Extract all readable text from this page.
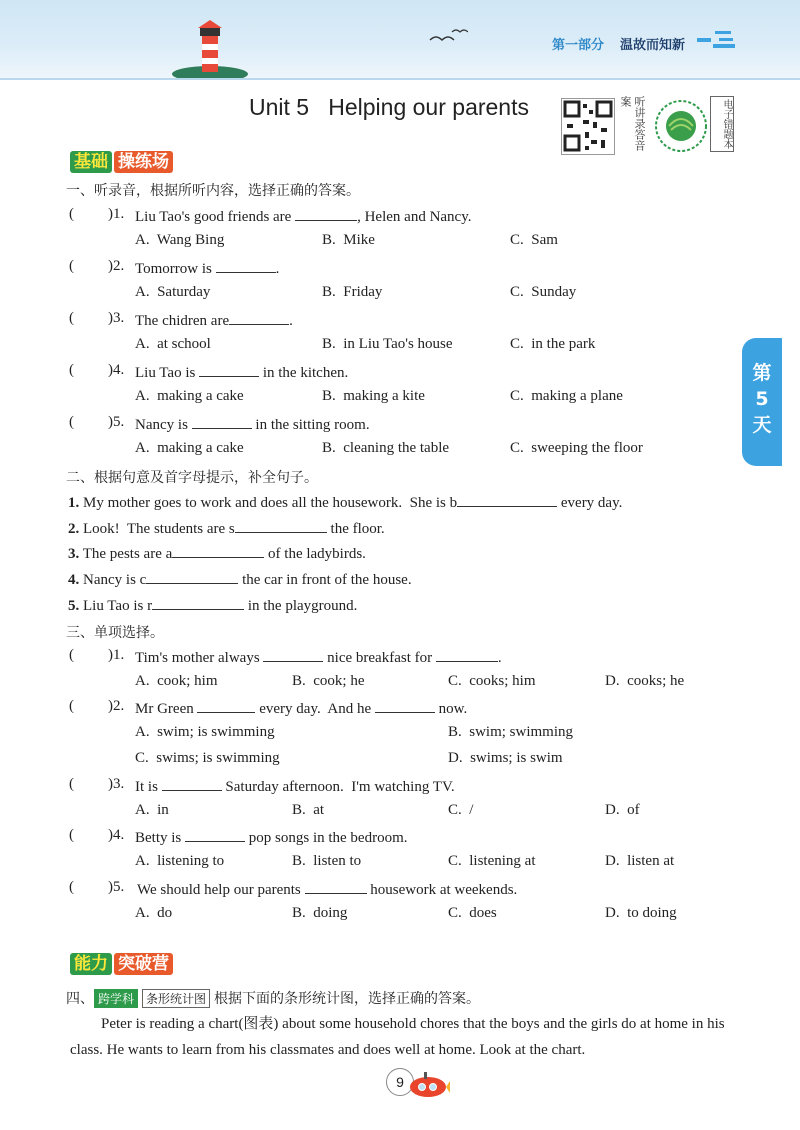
第一部分 温故而知新
Unit 5   Helping our parents	听讲录答音案	电子错题本
基础 操练场
一、听录音，根据所听内容，选择正确的答案。
( )1. Liu Tao's good friends are	, Helen and Nancy.
A.  Wang Bing	B.  Mike	C.  Sam
( )2. Tomorrow is	.
A.  Saturday	B.  Friday	C.  Sunday
( )3. The chidren are	.
A.  at school	B.  in Liu Tao's house	C.  in the park
( )4. Liu Tao is	in the kitchen.
A.  making a cake	B.  making a kite	C.  making a plane
( )5. Nancy is	in the sitting room.
A.  making a cake	B.  cleaning the table	C.  sweeping the floor
第5天
二、根据句意及首字母提示，补全句子。
1. My mother goes to work and does all the housework.  She is b	every day.
2. Look!  The students are s	the floor.
3. The pests are a	of the ladybirds.
4. Nancy is c	the car in front of the house.
5. Liu Tao is r	in the playground.
三、单项选择。
( )1. Tim's mother always	nice breakfast for	.
A.  cook; him	B.  cook; he	C.  cooks; him	D.  cooks; he
( )2. Mr Green	every day.  And he	now.
A.  swim; is swimming	B.  swim; swimming
C.  swims; is swimming	D.  swims; is swim
( )3. It is	Saturday afternoon.  I'm watching TV.
A.  in	B.  at	C.  /	D.  of
( )4. Betty is	pop songs in the bedroom.
A.  listening to	B.  listen to	C.  listening at	D.  listen at
( )5. We should help our parents	housework at weekends.
A.  do	B.  doing	C.  does	D.  to doing
能力 突破营
四、 跨学科 条形统计图 根据下面的条形统计图，选择正确的答案。
Peter is reading a chart(图表) about some household chores that the boys and the girls do at home in his class. He wants to learn from his classmates and does well at home. Look at the chart.
9
